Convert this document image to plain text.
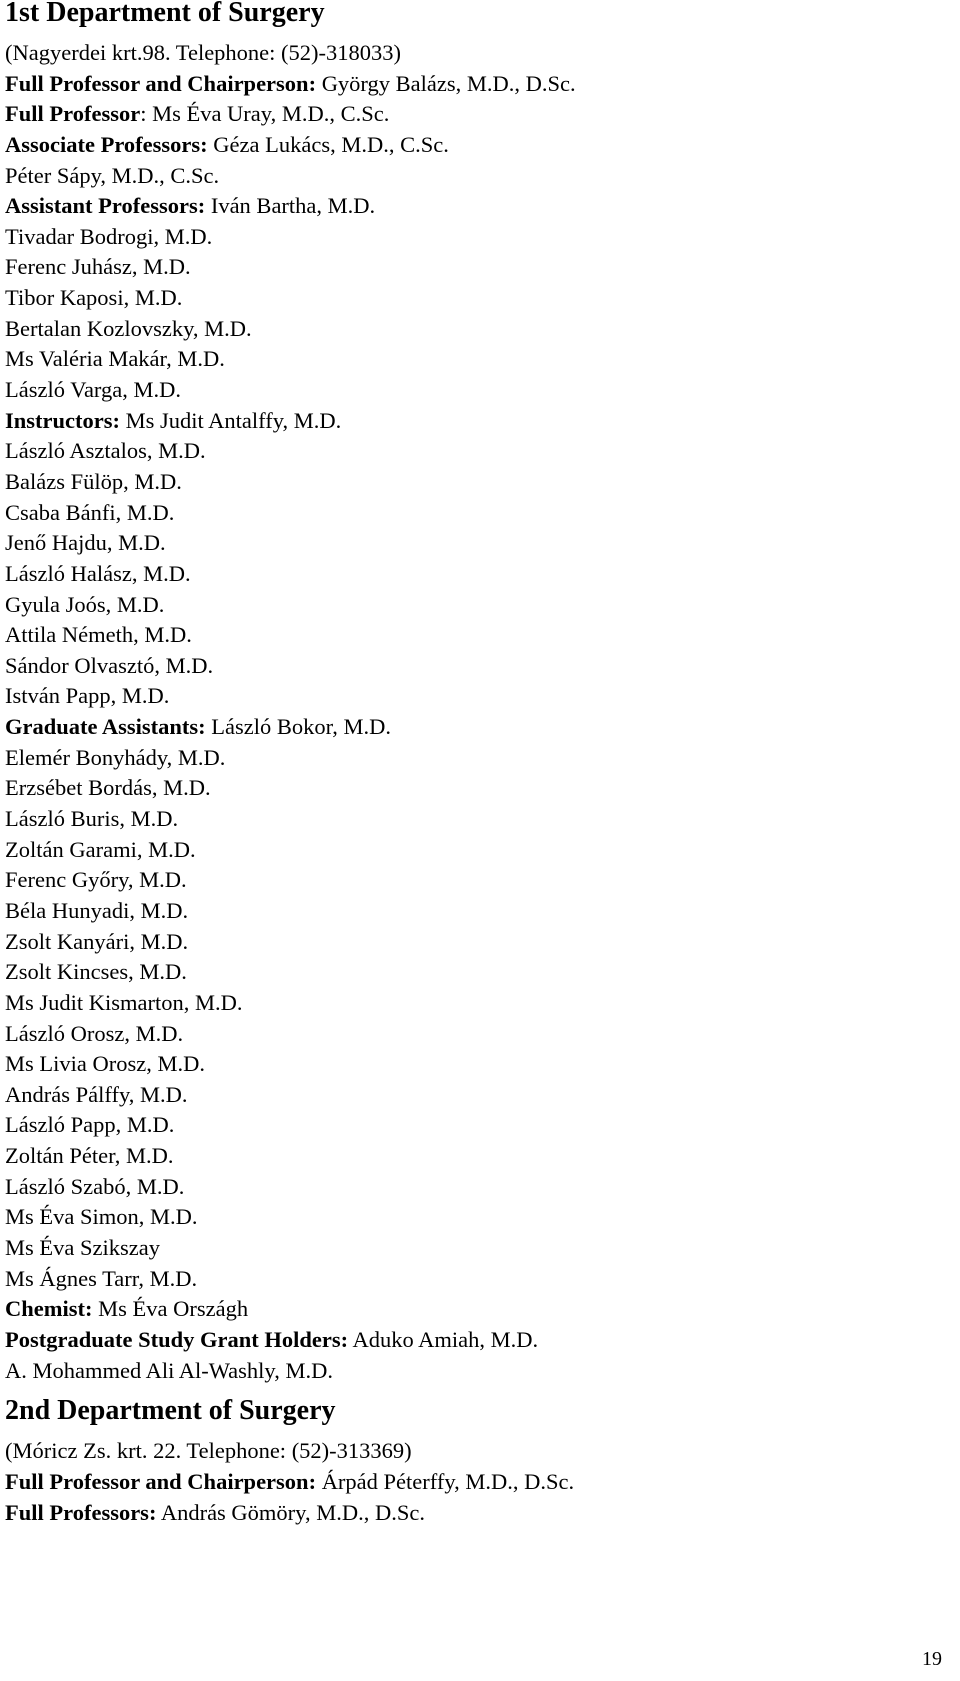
1st Department of Surgery
(Nagyerdei krt.98. Telephone: (52)-318033)
Full Professor and Chairperson: György Balázs, M.D., D.Sc.
Full Professor: Ms Éva Uray, M.D., C.Sc.
Associate Professors: Géza Lukács, M.D., C.Sc.
Péter Sápy, M.D., C.Sc.
Assistant Professors: Iván Bartha, M.D.
Tivadar Bodrogi, M.D.
Ferenc Juhász, M.D.
Tibor Kaposi, M.D.
Bertalan Kozlovszky, M.D.
Ms Valéria Makár, M.D.
László Varga, M.D.
Instructors: Ms Judit Antalffy, M.D.
László Asztalos, M.D.
Balázs Fülöp, M.D.
Csaba Bánfi, M.D.
Jenő Hajdu, M.D.
László Halász, M.D.
Gyula Joós, M.D.
Attila Németh, M.D.
Sándor Olvasztó, M.D.
István Papp, M.D.
Graduate Assistants: László Bokor, M.D.
Elemér Bonyhády, M.D.
Erzsébet Bordás, M.D.
László Buris, M.D.
Zoltán Garami, M.D.
Ferenc Győry, M.D.
Béla Hunyadi, M.D.
Zsolt Kanyári, M.D.
Zsolt Kincses, M.D.
Ms Judit Kismarton, M.D.
László Orosz, M.D.
Ms Livia Orosz, M.D.
András Pálffy, M.D.
László Papp, M.D.
Zoltán Péter, M.D.
László Szabó, M.D.
Ms Éva Simon, M.D.
Ms Éva Szikszay
Ms Ágnes Tarr, M.D.
Chemist: Ms Éva Országh
Postgraduate Study Grant Holders: Aduko Amiah, M.D.
A. Mohammed Ali Al-Washly, M.D.
2nd Department of Surgery
(Móricz Zs. krt. 22. Telephone: (52)-313369)
Full Professor and Chairperson: Árpád Péterffy, M.D., D.Sc.
Full Professors: András Gömöry, M.D., D.Sc.
19
